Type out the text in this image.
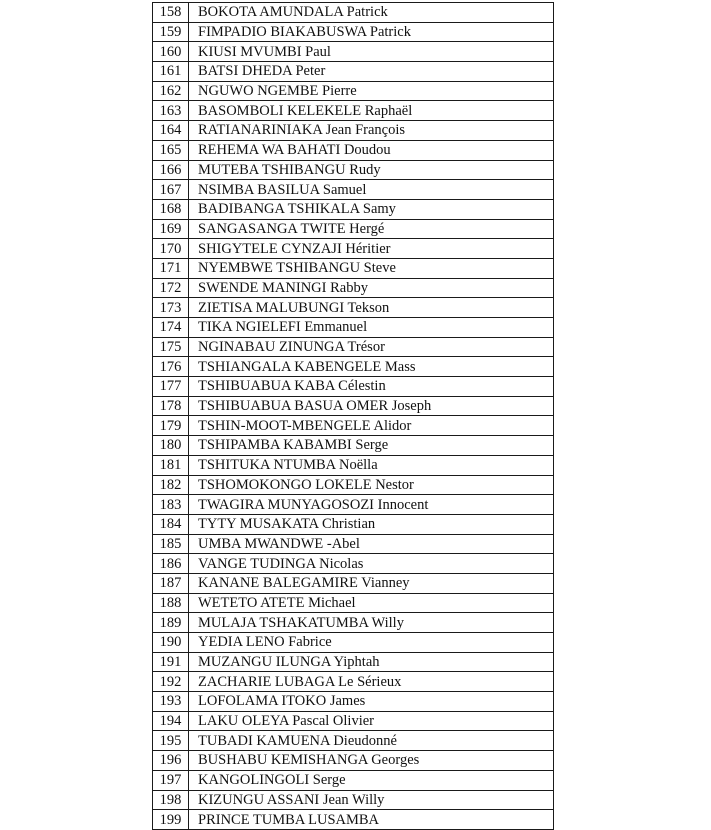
158	BOKOTA AMUNDALA Patrick
159	FIMPADIO BIAKABUSWA Patrick
160	KIUSI MVUMBI Paul
161	BATSI DHEDA Peter
162	NGUWO NGEMBE Pierre
163	BASOMBOLI KELEKELE Raphaël
164	RATIANARINIAKA Jean François
165	REHEMA WA BAHATI Doudou
166	MUTEBA TSHIBANGU Rudy
167	NSIMBA BASILUA Samuel
168	BADIBANGA TSHIKALA Samy
169	SANGASANGA TWITE Hergé
170	SHIGYTELE CYNZAJI Héritier
171	NYEMBWE TSHIBANGU Steve
172	SWENDE MANINGI Rabby
173	ZIETISA MALUBUNGI Tekson
174	TIKA NGIELEFI Emmanuel
175	NGINABAU ZINUNGA Trésor
176	TSHIANGALA KABENGELE Mass
177	TSHIBUABUA KABA Célestin
178	TSHIBUABUA BASUA OMER Joseph
179	TSHIN-MOOT-MBENGELE Alidor
180	TSHIPAMBA KABAMBI Serge
181	TSHITUKA NTUMBA Noëlla
182	TSHOMOKONGO LOKELE Nestor
183	TWAGIRA MUNYAGOSOZI Innocent
184	TYTY MUSAKATA Christian
185	UMBA MWANDWE -Abel
186	VANGE TUDINGA Nicolas
187	KANANE BALEGAMIRE Vianney
188	WETETO ATETE Michael
189	MULAJA TSHAKATUMBA Willy
190	YEDIA LENO Fabrice
191	MUZANGU ILUNGA Yiphtah
192	ZACHARIE LUBAGA Le Sérieux
193	LOFOLAMA ITOKO James
194	LAKU OLEYA Pascal Olivier
195	TUBADI KAMUENA Dieudonné
196	BUSHABU KEMISHANGA Georges
197	KANGOLINGOLI Serge
198	KIZUNGU ASSANI Jean Willy
199	PRINCE TUMBA LUSAMBA
